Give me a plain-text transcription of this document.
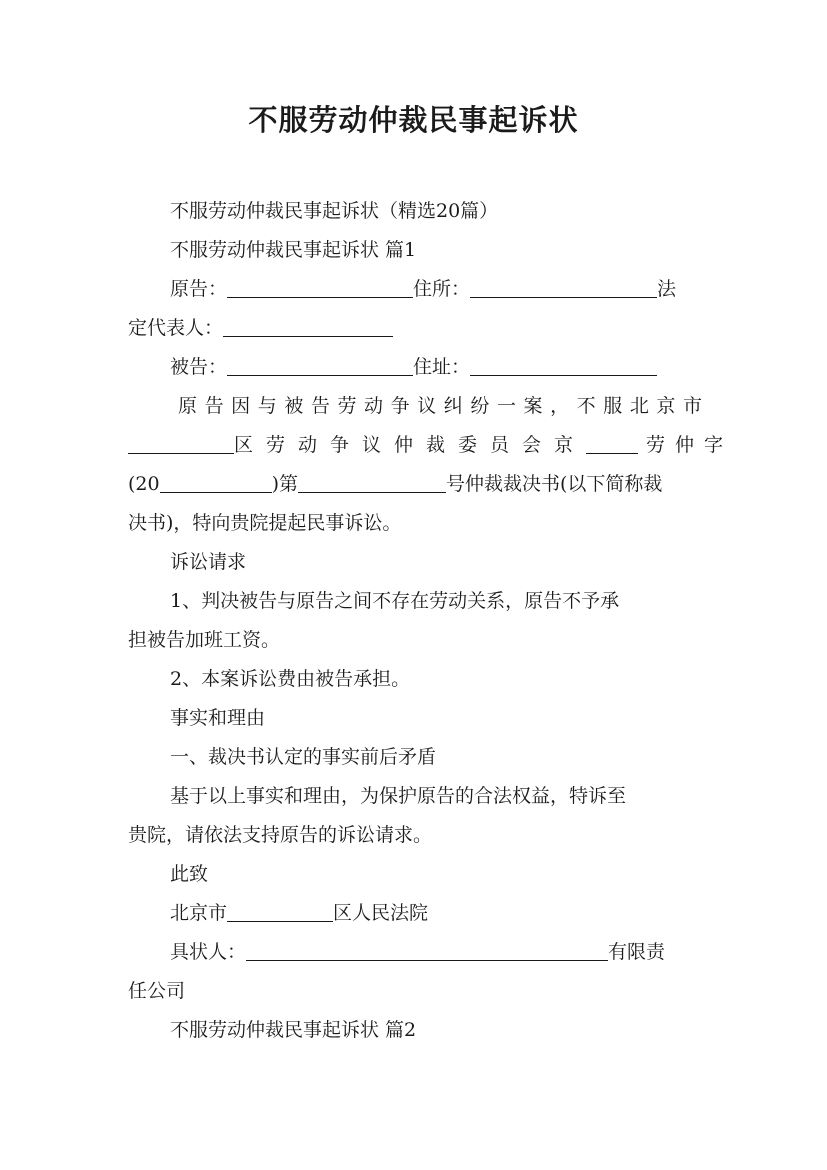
不服劳动仲裁民事起诉状
不服劳动仲裁民事起诉状（精选20篇）
不服劳动仲裁民事起诉状 篇1
原告：	住所：	法
定代表人：
被告：	住址：
原告因与被告劳动争议纠纷一案，不服北京市
区劳动争议仲裁委员会京	劳仲字
(20	)第	号仲裁裁决书(以下简称裁
决书)，特向贵院提起民事诉讼。
诉讼请求
1、判决被告与原告之间不存在劳动关系，原告不予承
担被告加班工资。
2、本案诉讼费由被告承担。
事实和理由
一、裁决书认定的事实前后矛盾
基于以上事实和理由，为保护原告的合法权益，特诉至
贵院，请依法支持原告的诉讼请求。
此致
北京市	区人民法院
具状人：	有限责
任公司
不服劳动仲裁民事起诉状 篇2
